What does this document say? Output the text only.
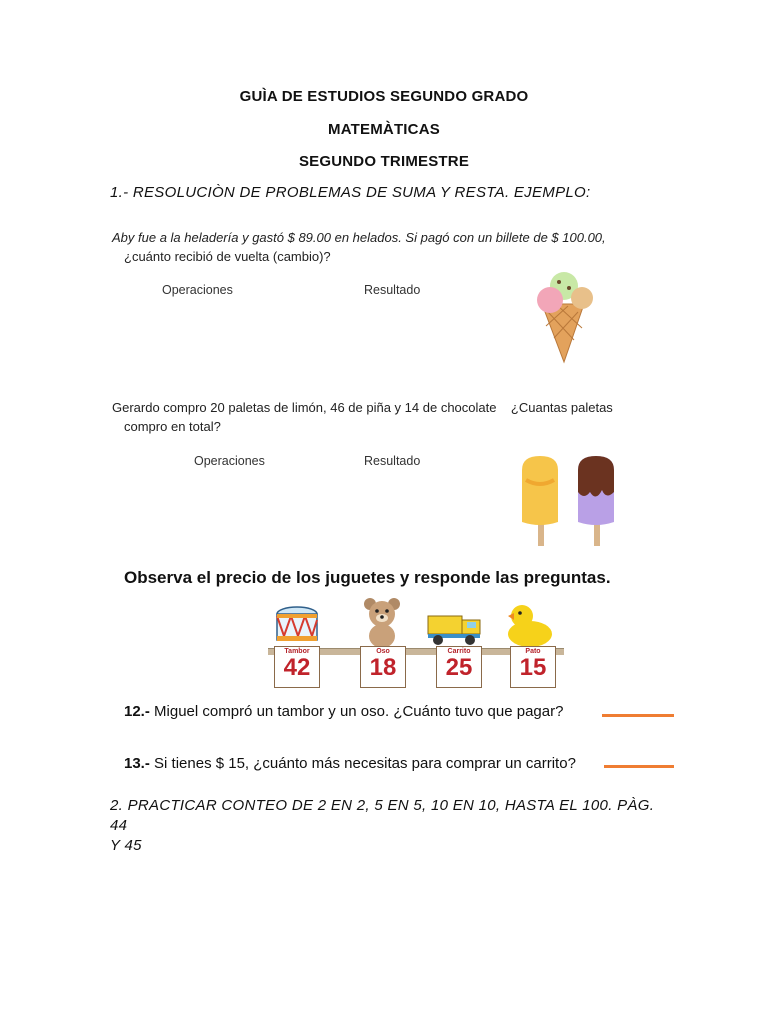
GUÌA DE ESTUDIOS SEGUNDO GRADO
MATEMÀTICAS
SEGUNDO TRIMESTRE
1.- RESOLUCIÒN DE PROBLEMAS DE SUMA Y RESTA. EJEMPLO:
Aby fue a la heladería y gastó $ 89.00 en helados. Si pagó con un billete de $ 100.00,
¿cuánto recibió de vuelta (cambio)?
Operaciones	Resultado
Gerardo compro 20 paletas de limón, 46 de piña y 14 de chocolate    ¿Cuantas paletas
compro en total?
Operaciones	Resultado
Observa el precio de los juguetes y responde las preguntas.
Tambor
42
Oso
18
Carrito
25
Pato
15
12.- Miguel compró un tambor y un oso. ¿Cuánto tuvo que pagar?
13.- Si tienes $ 15, ¿cuánto más necesitas para comprar un carrito?
2. PRACTICAR CONTEO DE 2 EN 2, 5 EN 5, 10 EN 10, HASTA EL 100. PÀG. 44
Y 45
